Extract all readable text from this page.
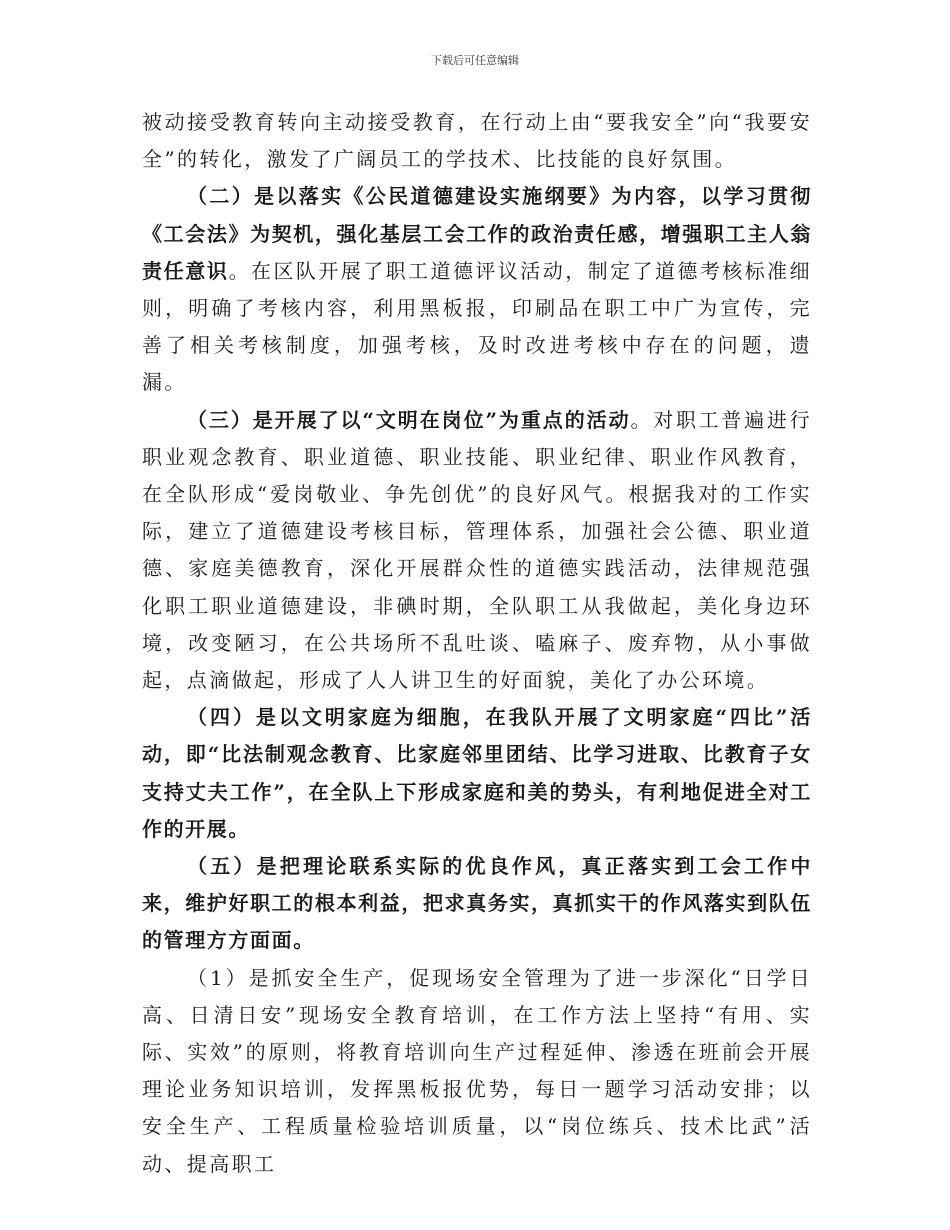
下载后可任意编辑

被动接受教育转向主动接受教育，在行动上由“要我安全”向“我要安全”的转化，激发了广阔员工的学技术、比技能的良好氛围。

（二）是以落实《公民道德建设实施纲要》为内容，以学习贯彻《工会法》为契机，强化基层工会工作的政治责任感，增强职工主人翁责任意识。在区队开展了职工道德评议活动，制定了道德考核标准细则，明确了考核内容，利用黑板报，印刷品在职工中广为宣传，完善了相关考核制度，加强考核，及时改进考核中存在的问题，遗漏。

（三）是开展了以“文明在岗位”为重点的活动。对职工普遍进行职业观念教育、职业道德、职业技能、职业纪律、职业作风教育，在全队形成“爱岗敬业、争先创优”的良好风气。根据我对的工作实际，建立了道德建设考核目标，管理体系，加强社会公德、职业道德、家庭美德教育，深化开展群众性的道德实践活动，法律规范强化职工职业道德建设，非碘时期，全队职工从我做起，美化身边环境，改变陋习，在公共场所不乱吐谈、嗑麻子、废弃物，从小事做起，点滴做起，形成了人人讲卫生的好面貌，美化了办公环境。

（四）是以文明家庭为细胞，在我队开展了文明家庭“四比”活动，即“比法制观念教育、比家庭邻里团结、比学习进取、比教育子女支持丈夫工作”，在全队上下形成家庭和美的势头，有利地促进全对工作的开展。

（五）是把理论联系实际的优良作风，真正落实到工会工作中来，维护好职工的根本利益，把求真务实，真抓实干的作风落实到队伍的管理方方面面。

（1）是抓安全生产，促现场安全管理为了进一步深化“日学日高、日清日安”现场安全教育培训，在工作方法上坚持“有用、实际、实效”的原则，将教育培训向生产过程延伸、渗透在班前会开展理论业务知识培训，发挥黑板报优势，每日一题学习活动安排；以安全生产、工程质量检验培训质量，以“岗位练兵、技术比武”活动、提高职工
